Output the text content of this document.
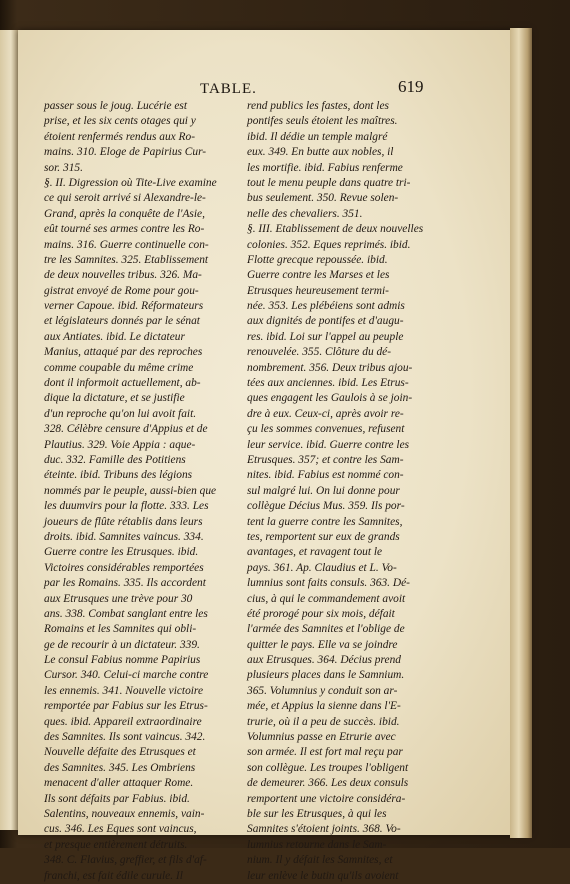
TABLE.	619
passer sous le joug. Lucérie est
prise, et les six cents otages qui y
étoient renfermés rendus aux Ro-
mains. 310. Eloge de Papirius Cur-
sor. 315.
§. II. Digression où Tite-Live examine
ce qui seroit arrivé si Alexandre-le-
Grand, après la conquête de l'Asie,
eût tourné ses armes contre les Ro-
mains. 316. Guerre continuelle con-
tre les Samnites. 325. Etablissement
de deux nouvelles tribus. 326. Ma-
gistrat envoyé de Rome pour gou-
verner Capoue. ibid. Réformateurs
et législateurs donnés par le sénat
aux Antiates. ibid. Le dictateur
Manius, attaqué par des reproches
comme coupable du même crime
dont il informoit actuellement, ab-
dique la dictature, et se justifie
d'un reproche qu'on lui avoit fait.
328. Célèbre censure d'Appius et de
Plautius. 329. Voie Appia : aque-
duc. 332. Famille des Potitiens
éteinte. ibid. Tribuns des légions
nommés par le peuple, aussi-bien que
les duumvirs pour la flotte. 333. Les
joueurs de flûte rétablis dans leurs
droits. ibid. Samnites vaincus. 334.
Guerre contre les Etrusques. ibid.
Victoires considérables remportées
par les Romains. 335. Ils accordent
aux Etrusques une trève pour 30
ans. 338. Combat sanglant entre les
Romains et les Samnites qui obli-
ge de recourir à un dictateur. 339.
Le consul Fabius nomme Papirius
Cursor. 340. Celui-ci marche contre
les ennemis. 341. Nouvelle victoire
remportée par Fabius sur les Etrus-
ques. ibid. Appareil extraordinaire
des Samnites. Ils sont vaincus. 342.
Nouvelle défaite des Etrusques et
des Samnites. 345. Les Ombriens
menacent d'aller attaquer Rome.
Ils sont défaits par Fabius. ibid.
Salentins, nouveaux ennemis, vain-
cus. 346. Les Eques sont vaincus,
et presque entièrement détruits.
348. C. Flavius, greffier, et fils d'af-
franchi, est fait édile curule. Il
rend publics les fastes, dont les
pontifes seuls étoient les maîtres.
ibid. Il dédie un temple malgré
eux. 349. En butte aux nobles, il
les mortifie. ibid. Fabius renferme
tout le menu peuple dans quatre tri-
bus seulement. 350. Revue solen-
nelle des chevaliers. 351.
§. III. Etablissement de deux nouvelles
colonies. 352. Eques reprimés. ibid.
Flotte grecque repoussée. ibid.
Guerre contre les Marses et les
Etrusques heureusement termi-
née. 353. Les plébéiens sont admis
aux dignités de pontifes et d'augu-
res. ibid. Loi sur l'appel au peuple
renouvelée. 355. Clôture du dé-
nombrement. 356. Deux tribus ajou-
tées aux anciennes. ibid. Les Etrus-
ques engagent les Gaulois à se join-
dre à eux. Ceux-ci, après avoir re-
çu les sommes convenues, refusent
leur service. ibid. Guerre contre les
Etrusques. 357; et contre les Sam-
nites. ibid. Fabius est nommé con-
sul malgré lui. On lui donne pour
collègue Décius Mus. 359. Ils por-
tent la guerre contre les Samnites,
tes, remportent sur eux de grands
avantages, et ravagent tout le
pays. 361. Ap. Claudius et L. Vo-
lumnius sont faits consuls. 363. Dé-
cius, à qui le commandement avoit
été prorogé pour six mois, défait
l'armée des Samnites et l'oblige de
quitter le pays. Elle va se joindre
aux Etrusques. 364. Décius prend
plusieurs places dans le Samnium.
365. Volumnius y conduit son ar-
mée, et Appius la sienne dans l'E-
trurie, où il a peu de succès. ibid.
Volumnius passe en Etrurie avec
son armée. Il est fort mal reçu par
son collègue. Les troupes l'obligent
de demeurer. 366. Les deux consuls
remportent une victoire considéra-
ble sur les Etrusques, à qui les
Samnites s'étoient joints. 368. Vo-
lumnius retourne dans le Sam-
nium. Il y défait les Samnites, et
leur enlève le butin qu'ils avoient
